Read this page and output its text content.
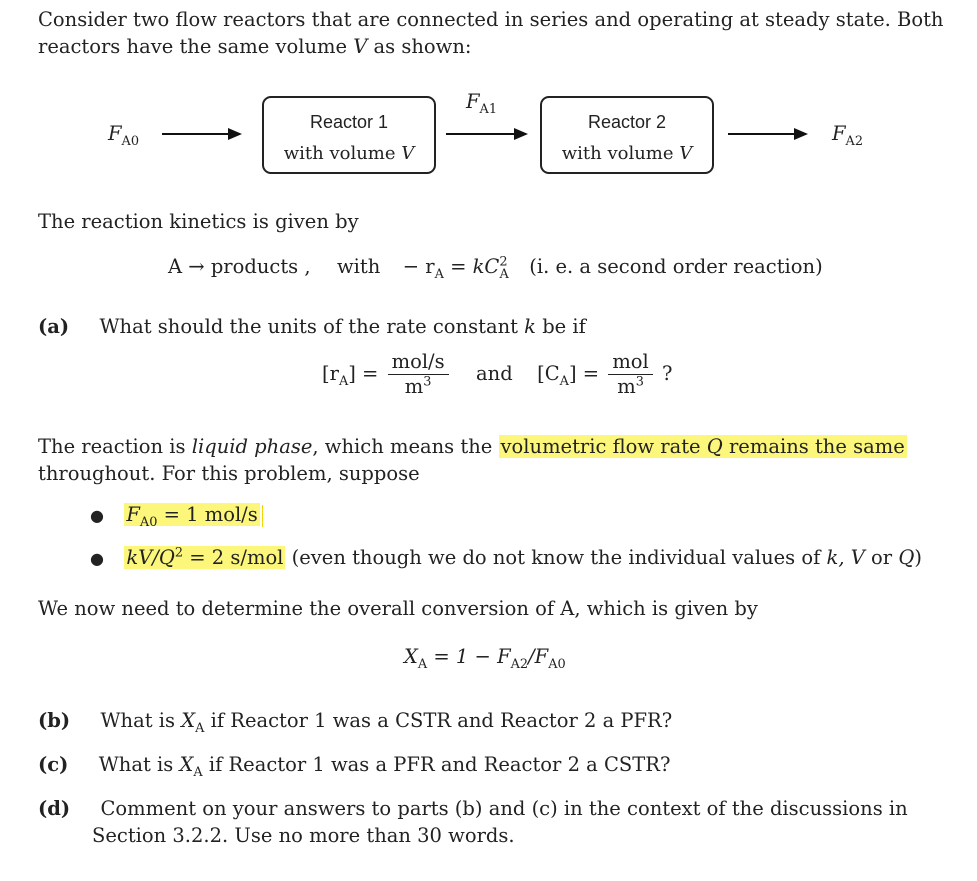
Consider two flow reactors that are connected in series and operating at steady state. Both
reactors have the same volume V as shown:
$F_{A0}$
Reactor 1
with volume V
$F_{A1}$
Reactor 2
with volume V
$F_{A2}$
The reaction kinetics is given by
A → products , with − $r_A = kC^2_A$ (i. e. a second order reaction)
(a) What should the units of the rate constant k be if
$[r_A] = \frac{\text{mol/s}}{m^3}$ and $[C_A] = \frac{\text{mol}}{m^3}$ ?
The reaction is liquid phase, which means the volumetric flow rate Q remains the same
throughout. For this problem, suppose
● $F_{A0} = 1$ mol/s
● $kV/Q^2 = 2$ s/mol (even though we do not know the individual values of k, V or Q)
We now need to determine the overall conversion of A, which is given by
$X_A = 1 - F_{A2}/F_{A0}$
(b) What is $X_A$ if Reactor 1 was a CSTR and Reactor 2 a PFR?
(c) What is $X_A$ if Reactor 1 was a PFR and Reactor 2 a CSTR?
(d) Comment on your answers to parts (b) and (c) in the context of the discussions in
Section 3.2.2. Use no more than 30 words.
